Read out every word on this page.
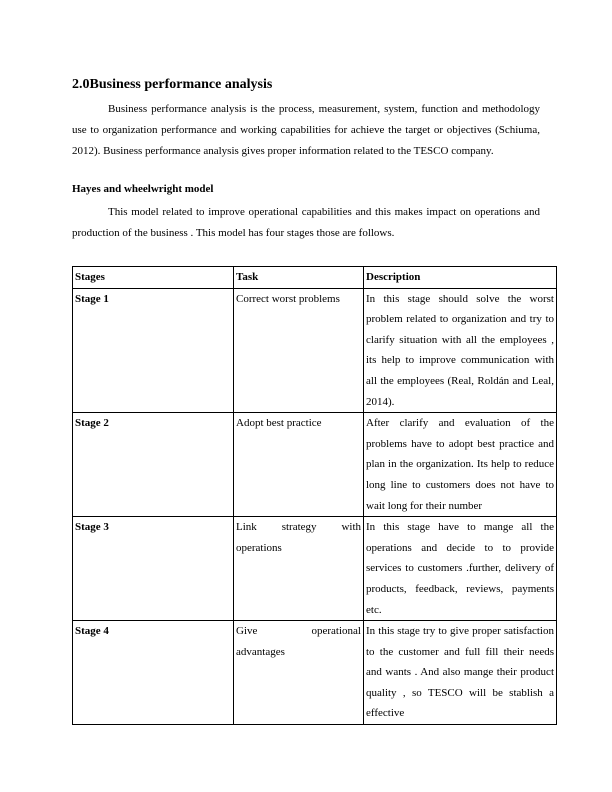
2.0Business performance analysis

Business performance analysis is the process, measurement, system, function and methodology use to organization performance and working capabilities for achieve the target or objectives (Schiuma, 2012). Business performance analysis gives proper information related to the TESCO company.

Hayes and wheelwright model

This model related to improve operational capabilities and this makes impact on operations and production of the business . This model has four stages those are follows.

Stages	Task	Description
Stage 1	Correct worst problems	In this stage should solve the worst problem related to organization and try to clarify situation with all the employees , its help to improve communication with all the employees (Real, Roldán and Leal, 2014).
Stage 2	Adopt best practice	After clarify and evaluation of the problems have to adopt best practice and plan in the organization. Its help to reduce long line to customers does not have to wait long for their number
Stage 3	Link strategy with operations	In this stage have to mange all the operations and decide to to provide services to customers .further, delivery of products, feedback, reviews, payments etc.
Stage 4	Give operational advantages	In this stage try to give proper satisfaction to the customer and full fill their needs and wants . And also mange their product quality , so TESCO will be stablish a effective
